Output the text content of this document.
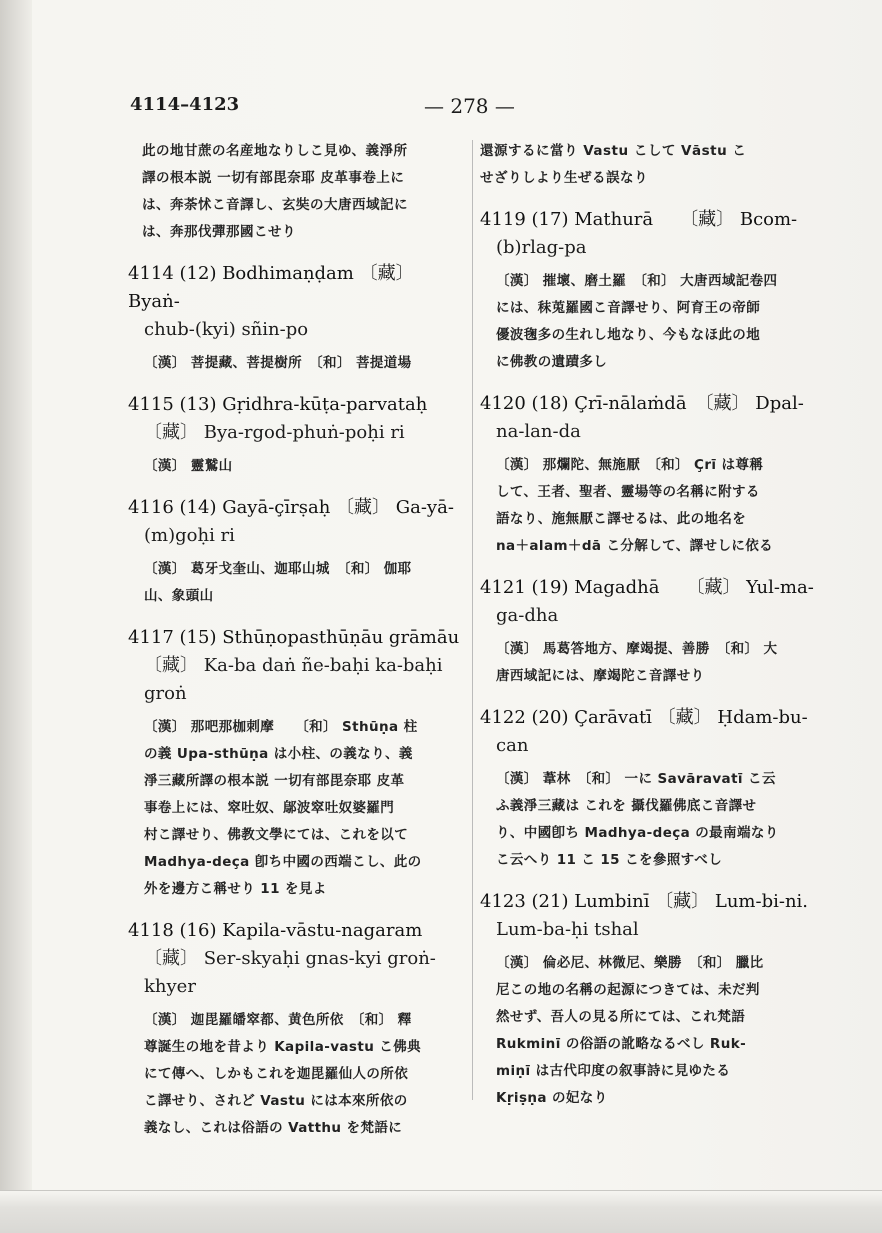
4114–4123	— 278 —
此の地甘蔗の名産地なりしこ見ゆ、義淨所
譯の根本説 一切有部毘奈耶 皮革事卷上に
は、奔荼怵こ音譯し、玄奘の大唐西域記に
は、奔那伐彈那國こせり
4114 (12) Bodhimaṇḍam 〔藏〕 Byaṅ-
chub-(kyi) sñin-po
〔漢〕 菩提藏、菩提樹所　〔和〕 菩提道場
4115 (13) Gṛidhra-kūṭa-parvataḥ
〔藏〕 Bya-rgod-phuṅ-poḥi ri
〔漢〕 靈鷲山
4116 (14) Gayā-çīrṣaḥ 〔藏〕 Ga-yā-
(m)goḥi ri
〔漢〕 葛牙戈奎山、迦耶山城　〔和〕 伽耶
山、象頭山
4117 (15) Sthūṇopasthūṇāu grāmāu
〔藏〕 Ka-ba daṅ ñe-baḥi ka-baḥi
groṅ
〔漢〕 那吧那枷刺摩　　〔和〕 Sthūṇa 柱
の義 Upa-sthūṇa は小柱、の義なり、義
淨三藏所譯の根本説 一切有部毘奈耶 皮革
事卷上には、窣吐奴、鄔波窣吐奴婆羅門
村こ譯せり、佛教文學にては、これを以て
Madhya-deça 卽ち中國の西端こし、此の
外を邊方こ稱せり 11 を見よ
4118 (16) Kapila-vāstu-nagaram
〔藏〕 Ser-skyaḥi gnas-kyi groṅ-
khyer
〔漢〕 迦毘羅皤窣都、黄色所依　〔和〕 釋
尊誕生の地を昔より Kapila-vastu こ佛典
にて傳へ、しかもこれを迦毘羅仙人の所依
こ譯せり、されど Vastu には本來所依の
義なし、これは俗語の Vatthu を梵語に
還源するに當り Vastu こして Vāstu こ
せざりしより生ぜる誤なり
4119 (17) Mathurā　　〔藏〕 Bcom-
(b)rlag-pa
〔漢〕 摧壞、磨土羅　〔和〕 大唐西域記卷四
には、秣莵羅國こ音譯せり、阿育王の帝師
優波毱多の生れし地なり、今もなほ此の地
に佛教の遺蹟多し
4120 (18) Çrī-nālaṁdā　〔藏〕 Dpal-
na-lan-da
〔漢〕 那爛陀、無施厭　〔和〕 Çrī は尊稱
して、王者、聖者、靈場等の名稱に附する
語なり、施無厭こ譯せるは、此の地名を
na＋alam＋dā こ分解して、譯せしに依る
4121 (19) Magadhā　　〔藏〕 Yul-ma-
ga-dha
〔漢〕 馬葛答地方、摩竭提、善勝　〔和〕 大
唐西域記には、摩竭陀こ音譯せり
4122 (20) Çarāvatī 〔藏〕 Ḥdam-bu-
can
〔漢〕 葦林　〔和〕 一に Savāravatī こ云
ふ義淨三藏は これを 攝伐羅佛底こ音譯せ
り、中國卽ち Madhya-deça の最南端なり
こ云へり 11 こ 15 こを參照すべし
4123 (21) Lumbinī 〔藏〕 Lum-bi-ni.
Lum-ba-ḥi tshal
〔漢〕 倫必尼、林微尼、樂勝　〔和〕 臘比
尼この地の名稱の起源につきては、未だ判
然せず、吾人の見る所にては、これ梵語
Rukminī の俗語の訛略なるべし Ruk-
miṇī は古代印度の叙事詩に見ゆたる
Kṛiṣṇa の妃なり
